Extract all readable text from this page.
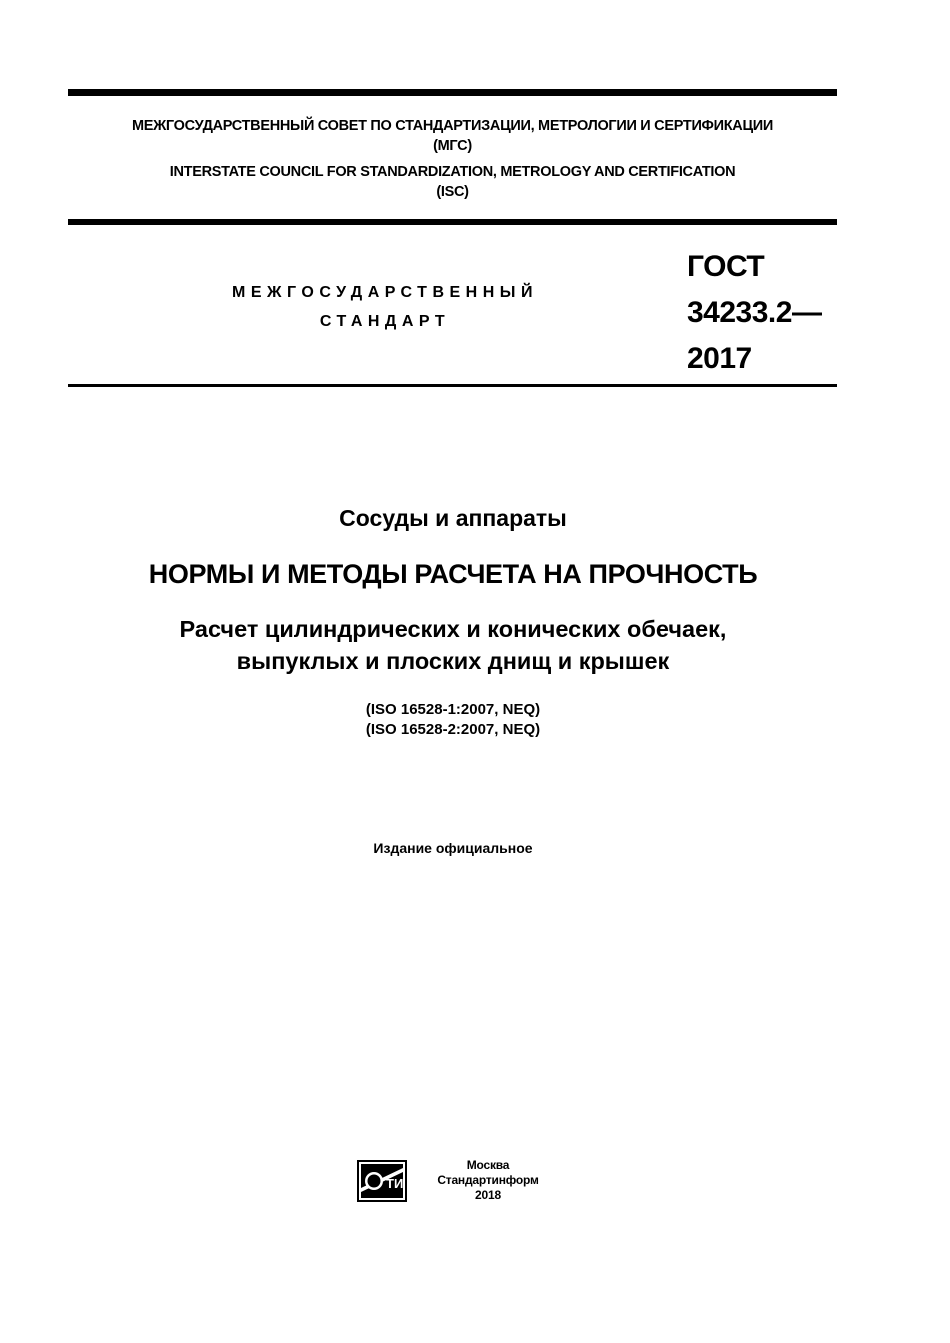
МЕЖГОСУДАРСТВЕННЫЙ СОВЕТ ПО СТАНДАРТИЗАЦИИ, МЕТРОЛОГИИ И СЕРТИФИКАЦИИ
(МГС)
INTERSTATE COUNCIL FOR STANDARDIZATION, METROLOGY AND CERTIFICATION
(ISC)
МЕЖГОСУДАРСТВЕННЫЙ
СТАНДАРТ
ГОСТ
34233.2—
2017
Сосуды и аппараты
НОРМЫ И МЕТОДЫ РАСЧЕТА НА ПРОЧНОСТЬ
Расчет цилиндрических и конических обечаек,
выпуклых и плоских днищ и крышек
(ISO 16528-1:2007, NEQ)
(ISO 16528-2:2007, NEQ)
Издание официальное
ТИ
Москва
Стандартинформ
2018
